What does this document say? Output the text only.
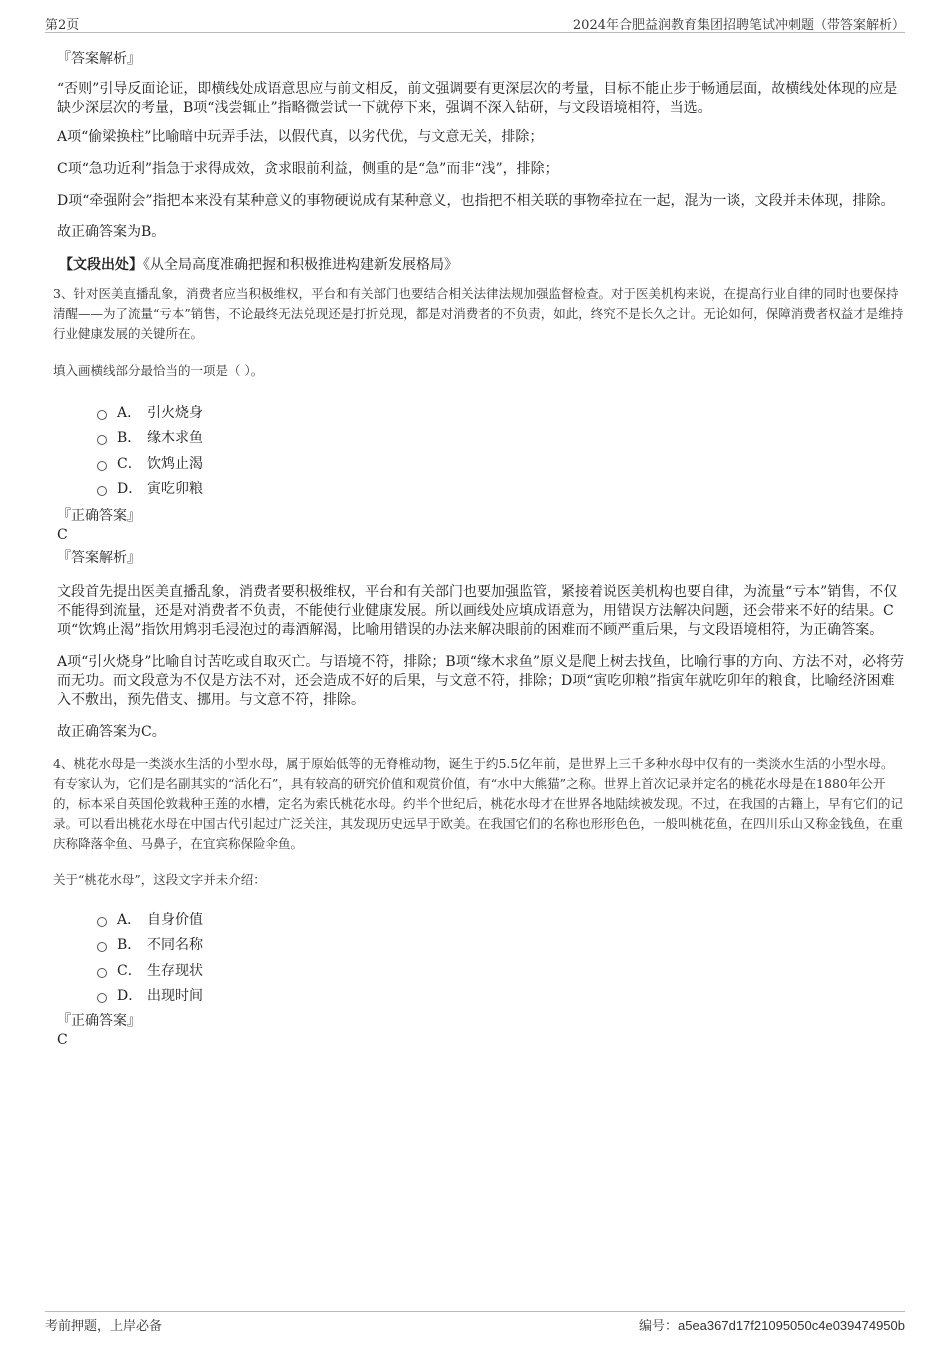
第2页	2024年合肥益润教育集团招聘笔试冲刺题（带答案解析）
『答案解析』
“否则”引导反面论证，即横线处成语意思应与前文相反，前文强调要有更深层次的考量，目标不能止步于畅通层面，故横线处体现的应是缺少深层次的考量，B项“浅尝辄止”指略微尝试一下就停下来，强调不深入钻研，与文段语境相符，当选。
A项“偷梁换柱”比喻暗中玩弄手法，以假代真，以劣代优，与文意无关，排除；
C项“急功近利”指急于求得成效，贪求眼前利益，侧重的是“急”而非“浅”，排除；
D项“牵强附会”指把本来没有某种意义的事物硬说成有某种意义，也指把不相关联的事物牵拉在一起，混为一谈，文段并未体现，排除。
故正确答案为B。
【文段出处】《从全局高度准确把握和积极推进构建新发展格局》
3、针对医美直播乱象，消费者应当积极维权，平台和有关部门也要结合相关法律法规加强监督检查。对于医美机构来说，在提高行业自律的同时也要保持清醒——为了流量“亏本”销售，不论最终无法兑现还是打折兑现，都是对消费者的不负责，如此，终究不是长久之计。无论如何，保障消费者权益才是维持行业健康发展的关键所在。
填入画横线部分最恰当的一项是（ ）。
A． 引火烧身
B． 缘木求鱼
C． 饮鸩止渴
D． 寅吃卯粮
『正确答案』
C
『答案解析』
文段首先提出医美直播乱象，消费者要积极维权，平台和有关部门也要加强监管，紧接着说医美机构也要自律，为流量“亏本”销售，不仅不能得到流量，还是对消费者不负责，不能使行业健康发展。所以画线处应填成语意为，用错误方法解决问题，还会带来不好的结果。C项“饮鸩止渴”指饮用鸩羽毛浸泡过的毒酒解渴，比喻用错误的办法来解决眼前的困难而不顾严重后果，与文段语境相符，为正确答案。
A项“引火烧身”比喻自讨苦吃或自取灭亡。与语境不符，排除；B项“缘木求鱼”原义是爬上树去找鱼，比喻行事的方向、方法不对，必将劳而无功。而文段意为不仅是方法不对，还会造成不好的后果，与文意不符，排除；D项“寅吃卯粮”指寅年就吃卯年的粮食，比喻经济困难入不敷出，预先借支、挪用。与文意不符，排除。
故正确答案为C。
4、桃花水母是一类淡水生活的小型水母，属于原始低等的无脊椎动物，诞生于约5.5亿年前，是世界上三千多种水母中仅有的一类淡水生活的小型水母。有专家认为，它们是名副其实的“活化石”，具有较高的研究价值和观赏价值，有“水中大熊猫”之称。世界上首次记录并定名的桃花水母是在1880年公开的，标本采自英国伦敦栽种王莲的水槽，定名为索氏桃花水母。约半个世纪后，桃花水母才在世界各地陆续被发现。不过，在我国的古籍上，早有它们的记录。可以看出桃花水母在中国古代引起过广泛关注，其发现历史远早于欧美。在我国它们的名称也形形色色，一般叫桃花鱼，在四川乐山又称金钱鱼，在重庆称降落伞鱼、马鼻子，在宜宾称保险伞鱼。
关于“桃花水母”，这段文字并未介绍：
A． 自身价值
B． 不同名称
C． 生存现状
D． 出现时间
『正确答案』
C
考前押题，上岸必备	编号：a5ea367d17f21095050c4e039474950b
